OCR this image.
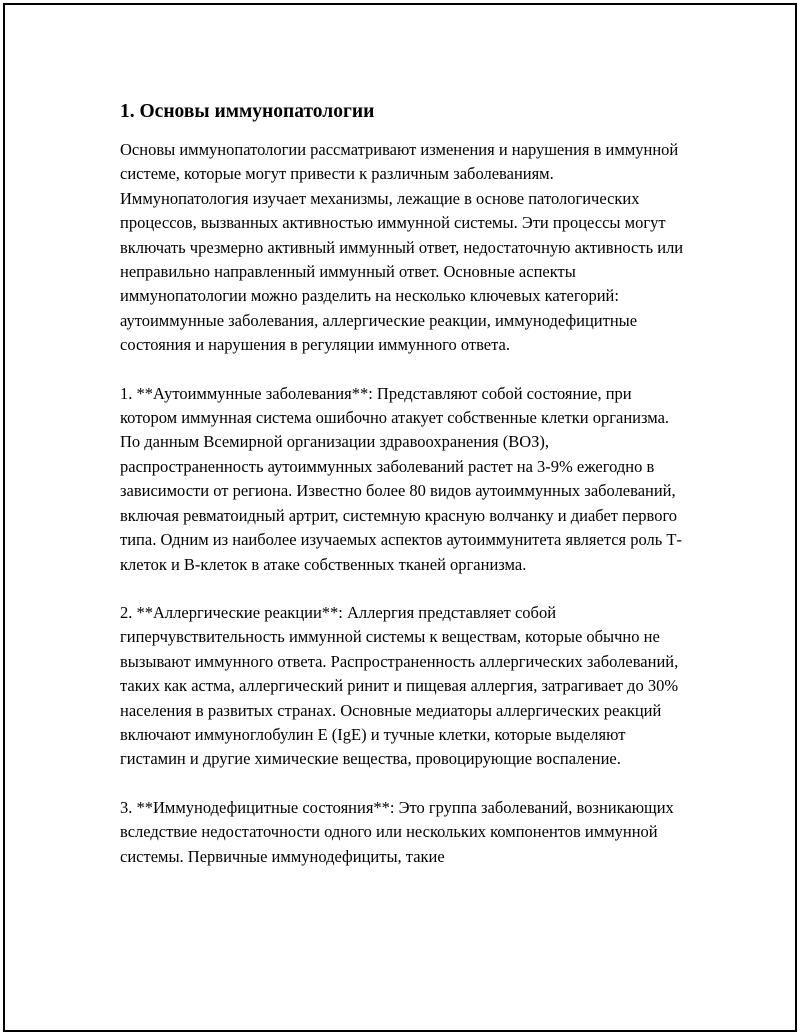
1. Основы иммунопатологии

Основы иммунопатологии рассматривают изменения и нарушения в иммунной системе, которые могут привести к различным заболеваниям. Иммунопатология изучает механизмы, лежащие в основе патологических процессов, вызванных активностью иммунной системы. Эти процессы могут включать чрезмерно активный иммунный ответ, недостаточную активность или неправильно направленный иммунный ответ. Основные аспекты иммунопатологии можно разделить на несколько ключевых категорий: аутоиммунные заболевания, аллергические реакции, иммунодефицитные состояния и нарушения в регуляции иммунного ответа.

1. **Аутоиммунные заболевания**: Представляют собой состояние, при котором иммунная система ошибочно атакует собственные клетки организма. По данным Всемирной организации здравоохранения (ВОЗ), распространенность аутоиммунных заболеваний растет на 3-9% ежегодно в зависимости от региона. Известно более 80 видов аутоиммунных заболеваний, включая ревматоидный артрит, системную красную волчанку и диабет первого типа. Одним из наиболее изучаемых аспектов аутоиммунитета является роль Т-клеток и В-клеток в атаке собственных тканей организма.

2. **Аллергические реакции**: Аллергия представляет собой гиперчувствительность иммунной системы к веществам, которые обычно не вызывают иммунного ответа. Распространенность аллергических заболеваний, таких как астма, аллергический ринит и пищевая аллергия, затрагивает до 30% населения в развитых странах. Основные медиаторы аллергических реакций включают иммуноглобулин E (IgE) и тучные клетки, которые выделяют гистамин и другие химические вещества, провоцирующие воспаление.

3. **Иммунодефицитные состояния**: Это группа заболеваний, возникающих вследствие недостаточности одного или нескольких компонентов иммунной системы. Первичные иммунодефициты, такие
